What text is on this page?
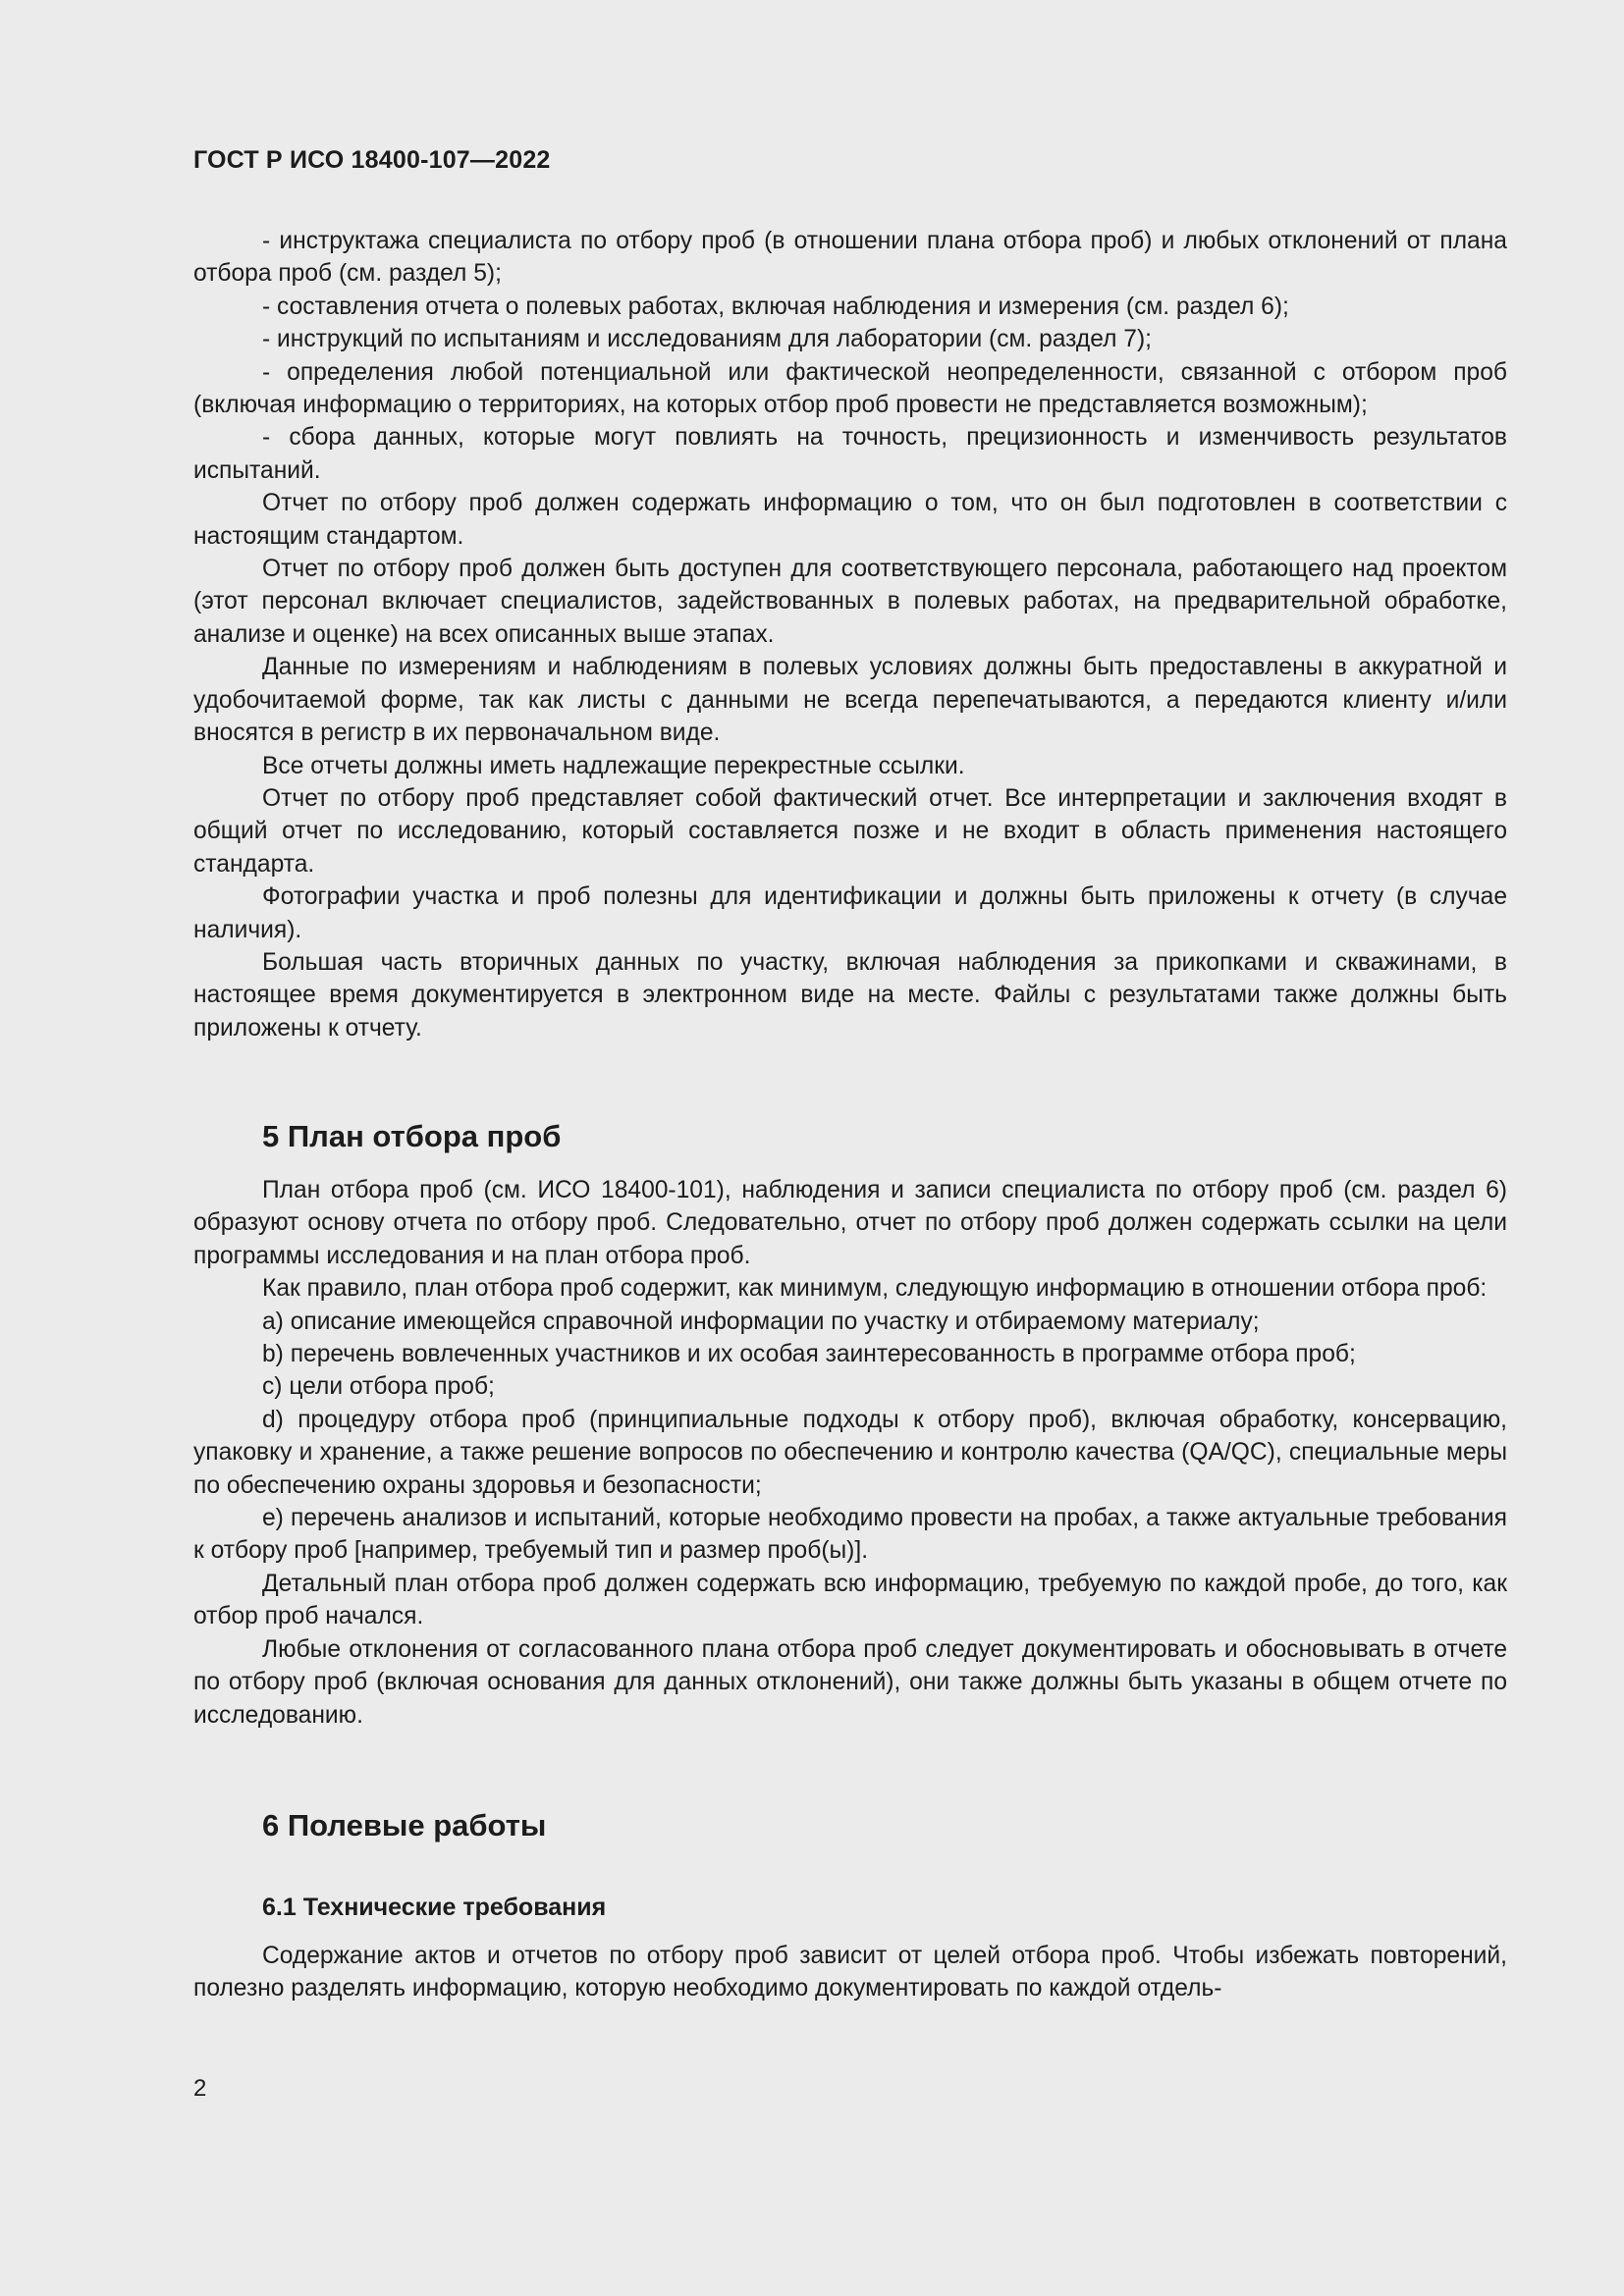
ГОСТ Р ИСО 18400-107—2022

- инструктажа специалиста по отбору проб (в отношении плана отбора проб) и любых отклонений от плана отбора проб (см. раздел 5);

- составления отчета о полевых работах, включая наблюдения и измерения (см. раздел 6);

- инструкций по испытаниям и исследованиям для лаборатории (см. раздел 7);

- определения любой потенциальной или фактической неопределенности, связанной с отбором проб (включая информацию о территориях, на которых отбор проб провести не представляется возможным);

- сбора данных, которые могут повлиять на точность, прецизионность и изменчивость результатов испытаний.

Отчет по отбору проб должен содержать информацию о том, что он был подготовлен в соответствии с настоящим стандартом.

Отчет по отбору проб должен быть доступен для соответствующего персонала, работающего над проектом (этот персонал включает специалистов, задействованных в полевых работах, на предварительной обработке, анализе и оценке) на всех описанных выше этапах.

Данные по измерениям и наблюдениям в полевых условиях должны быть предоставлены в аккуратной и удобочитаемой форме, так как листы с данными не всегда перепечатываются, а передаются клиенту и/или вносятся в регистр в их первоначальном виде.

Все отчеты должны иметь надлежащие перекрестные ссылки.

Отчет по отбору проб представляет собой фактический отчет. Все интерпретации и заключения входят в общий отчет по исследованию, который составляется позже и не входит в область применения настоящего стандарта.

Фотографии участка и проб полезны для идентификации и должны быть приложены к отчету (в случае наличия).

Большая часть вторичных данных по участку, включая наблюдения за прикопками и скважинами, в настоящее время документируется в электронном виде на месте. Файлы с результатами также должны быть приложены к отчету.

5 План отбора проб

План отбора проб (см. ИСО 18400-101), наблюдения и записи специалиста по отбору проб (см. раздел 6) образуют основу отчета по отбору проб. Следовательно, отчет по отбору проб должен содержать ссылки на цели программы исследования и на план отбора проб.

Как правило, план отбора проб содержит, как минимум, следующую информацию в отношении отбора проб:

a) описание имеющейся справочной информации по участку и отбираемому материалу;

b) перечень вовлеченных участников и их особая заинтересованность в программе отбора проб;

c) цели отбора проб;

d) процедуру отбора проб (принципиальные подходы к отбору проб), включая обработку, консервацию, упаковку и хранение, а также решение вопросов по обеспечению и контролю качества (QA/QC), специальные меры по обеспечению охраны здоровья и безопасности;

e) перечень анализов и испытаний, которые необходимо провести на пробах, а также актуальные требования к отбору проб [например, требуемый тип и размер проб(ы)].

Детальный план отбора проб должен содержать всю информацию, требуемую по каждой пробе, до того, как отбор проб начался.

Любые отклонения от согласованного плана отбора проб следует документировать и обосновывать в отчете по отбору проб (включая основания для данных отклонений), они также должны быть указаны в общем отчете по исследованию.

6 Полевые работы
6.1 Технические требования

Содержание актов и отчетов по отбору проб зависит от целей отбора проб. Чтобы избежать повторений, полезно разделять информацию, которую необходимо документировать по каждой отдель-

2
